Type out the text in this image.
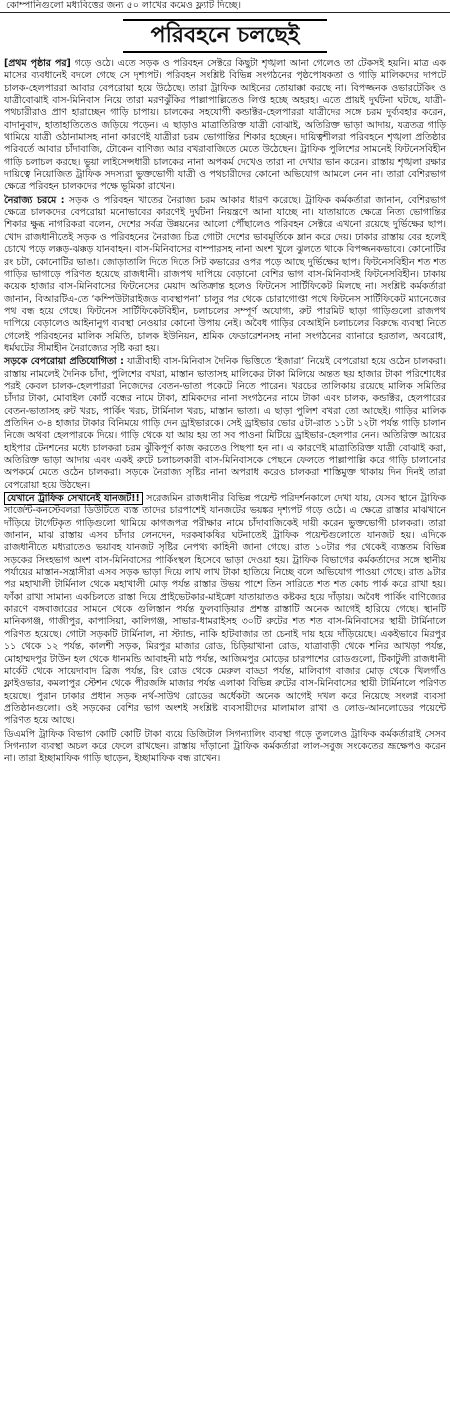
কোম্পানিগুলো মধ্যবিত্তের জন্য ৫০ লাখের কমেও ফ্ল্যাট দিচ্ছে।
পরিবহনে চলছেই

[প্রথম পৃষ্ঠার পর] গড়ে ওঠে। এতে সড়ক ও পরিবহন সেক্টরে কিছুটা শৃঙ্খলা আনা গেলেও তা টেকসই হয়নি। মাত্র এক মাসের ব্যবধানেই বদলে গেছে সে দৃশ্যপট। পরিবহন সংশ্লিষ্ট বিভিন্ন সংগঠনের পৃষ্ঠপোষকতা ও গাড়ি মালিকদের দাপটে চালক-হেলপাররা আবার বেপরোয়া হয়ে উঠেছে। তারা ট্রাফিক আইনের তোয়াক্কা করছে না। বিপজ্জনক ওভারটেকিং ও যাত্রীবোঝাই বাস-মিনিবাস নিয়ে তারা মরণঝুঁকির পাল্লাপাল্লিতেও লিপ্ত হচ্ছে অহরহ। এতে প্রায়ই দুর্ঘটনা ঘটছে, যাত্রী-পথচারীরাও প্রাণ হারাচ্ছেন গাড়ি চাপায়। চালকের সহযোগী কন্ডাক্টর-হেলপাররা যাত্রীদের সঙ্গে চরম দুর্ব্যবহার করেন, বাদানুবাদ, হাতাহাতিতেও জড়িয়ে পড়েন। এ ছাড়াও মাত্রাতিরিক্ত যাত্রী বোঝাই, অতিরিক্ত ভাড়া আদায়, যত্রতত্র গাড়ি থামিয়ে যাত্রী ওঠানামাসহ নানা কারণেই যাত্রীরা চরম ভোগান্তির শিকার হচ্ছেন। দায়িত্বশীলরা পরিবহনে শৃঙ্খলা প্রতিষ্ঠার পরিবর্তে আবার চাঁদাবাজি, টোকেন বাণিজ্য আর বখরাবাজিতে মেতে উঠেছেন। ট্রাফিক পুলিশের সামনেই ফিটনেসবিহীন গাড়ি চলাচল করছে। ভুয়া লাইসেন্সধারী চালকের নানা অপকর্ম দেখেও তারা না দেখার ভান করেন। রাস্তায় শৃঙ্খলা রক্ষার দায়িত্বে নিয়োজিত ট্রাফিক সদস্যরা ভুক্তভোগী যাত্রী ও পথচারীদের কোনো অভিযোগ আমলে নেন না। তারা বেশিরভাগ ক্ষেত্রে পরিবহন চালকদের পক্ষে ভূমিকা রাখেন।

নৈরাজ্য চরমে : সড়ক ও পরিবহন খাতের নৈরাজ্য চরম আকার ধারণ করেছে। ট্রাফিক কর্মকর্তারা জানান, বেশিরভাগ ক্ষেত্রে চালকদের বেপরোয়া মনোভাবের কারণেই দুর্ঘটনা নিয়ন্ত্রণে আনা যাচ্ছে না। যাতায়াতে ক্ষেত্রে নিত্য ভোগান্তির শিকার ক্ষুব্ধ নাগরিকরা বলেন, দেশের সর্বত্র উন্নয়নের আলো পৌঁছালেও পরিবহন সেক্টরে এখনো রয়েছে দুর্ভিক্ষের ছাপ। খোদ রাজধানীতেই সড়ক ও পরিবহনের নৈরাজ্য চিত্র গোটা দেশের ভাবমূর্তিকে ম্লান করে দেয়। ঢাকার রাস্তায় বের হলেই চোখে পড়ে লক্কড়-ঝক্কড় যানবাহন। বাস-মিনিবাসের বাম্পারসহ নানা অংশ খুলে ঝুলতে থাকে বিপজ্জনকভাবে। কোনোটির রং চটা, কোনোটির ভাঙা। জোড়াতালি দিতে দিতে সিট কভারের ওপর পড়ে আছে দুর্ভিক্ষের ছাপ। ফিটনেসবিহীন শত শত গাড়ির ভাগাড়ে পরিণত হয়েছে রাজধানী। রাজপথ দাপিয়ে বেড়ানো বেশির ভাগ বাস-মিনিবাসই ফিটনেসবিহীন। ঢাকায় কয়েক হাজার বাস-মিনিবাসের ফিটনেসের মেয়াদ অতিক্রান্ত হলেও ফিটনেস সার্টিফিকেট মিলছে না। সংশ্লিষ্ট কর্মকর্তারা জানান, বিআরটিএ-তে ‘কম্পিউটারাইজড ব্যবস্থাপনা’ চালুর পর থেকে চোরাগোপ্তা পথে ফিটনেস সার্টিফিকেট ম্যানেজের পথ বন্ধ হয়ে গেছে। ফিটনেস সার্টিফিকেটবিহীন, চলাচলের সম্পূর্ণ অযোগ্য, রুট পারমিট ছাড়া গাড়িগুলো রাজপথ দাপিয়ে বেড়ালেও আইনানুগ ব্যবস্থা নেওয়ার কোনো উপায় নেই। অবৈধ গাড়ির বেআইনি চলাচলের বিরুদ্ধে ব্যবস্থা নিতে গেলেই পরিবহনের মালিক সমিতি, চালক ইউনিয়ন, শ্রমিক ফেডারেশনসহ নানা সংগঠনের ব্যানারে হরতাল, অবরোধ, ধর্মঘটের সীমাহীন নৈরাজ্যের সৃষ্টি করা হয়।

সড়কে বেপরোয়া প্রতিযোগিতা : যাত্রীবাহী বাস-মিনিবাস দৈনিক ভিত্তিতে ‘ইজারা’ নিয়েই বেপরোয়া হয়ে ওঠেন চালকরা। রাস্তায় নামলেই দৈনিক চাঁদা, পুলিশের বখরা, মাস্তান ভাতাসহ মালিকের টাকা মিলিয়ে অন্তত ছয় হাজার টাকা পরিশোধের পরই কেবল চালক-হেলপাররা নিজেদের বেতন-ভাতা পকেটে নিতে পারেন। খরচের তালিকায় রয়েছে মালিক সমিতির চাঁদার টাকা, মোবাইল কোর্ট বন্ধের নামে টাকা, শ্রমিকদের নানা সংগঠনের নামে টাকা এবং চালক, কন্ডাক্টর, হেলপারের বেতন-ভাতাসহ রুট খরচ, পার্কিং খরচ, টার্মিনাল খরচ, মাস্তান ভাতা। এ ছাড়া পুলিশ বখরা তো আছেই। গাড়ির মালিক প্রতিদিন ৩-৪ হাজার টাকার বিনিময়ে গাড়ি দেন ড্রাইভারকে। সেই ড্রাইভার ভোর ৫টা-রাত ১১টা ১২টা পর্যন্ত গাড়ি চালান নিজে অথবা হেলপারকে দিয়ে। গাড়ি থেকে যা আয় হয় তা সব পাওনা মিটিয়ে ড্রাইভার-হেলপার নেন। অতিরিক্ত আয়ের হাইপার টেনশনের মধ্যে চালকরা চরম ঝুঁকিপূর্ণ কাজ করতেও পিছপা হন না। এ কারণেই মাত্রাতিরিক্ত যাত্রী বোঝাই করা, অতিরিক্ত ভাড়া আদায় এবং একই রুটে চলাচলকারী বাস-মিনিবাসকে পেছনে ফেলতে পাল্লাপাল্লি করে গাড়ি চালানোর অপকর্মে মেতে ওঠেন চালকরা। সড়কে নৈরাজ্য সৃষ্টির নানা অপরাধ করেও চালকরা শাস্তিমুক্ত থাকায় দিন দিনই তারা বেপরোয়া হয়ে উঠছেন।

যেখানে ট্রাফিক সেখানেই যানজট!! সরেজমিন রাজধানীর বিভিন্ন পয়েন্ট পরিদর্শনকালে দেখা যায়, যেসব স্থানে ট্রাফিক সার্জেন্ট-কনস্টেবলরা ডিউটিতে ব্যস্ত তাদের চারপাশেই যানজটের ভয়ঙ্কর দৃশ্যপট গড়ে ওঠে। এ ক্ষেত্রে রাস্তার মাঝখানে দাঁড়িয়ে টার্গেটকৃত গাড়িগুলো থামিয়ে কাগজপত্র পরীক্ষার নামে চাঁদাবাজিকেই দায়ী করেন ভুক্তভোগী চালকরা। তারা জানান, মাঝ রাস্তায় এসব চাঁদার লেনদেন, দরকষাকষির ঘটনাতেই ট্রাফিক পয়েন্টগুলোতে যানজট হয়। এদিকে রাজধানীতে মধ্যরাতেও ভয়াবহ যানজট সৃষ্টির নেপথ্য কাহিনী জানা গেছে। রাত ১০টার পর থেকেই ব্যস্ততম বিভিন্ন সড়কের সিংহভাগ অংশ বাস-মিনিবাসের পার্কিংস্থল হিসেবে ভাড়া দেওয়া হয়। ট্রাফিক বিভাগের কর্মকর্তাদের সঙ্গে স্থানীয় পর্যায়ের মাস্তান-সন্ত্রাসীরা এসব সড়ক ভাড়া দিয়ে লাখ লাখ টাকা হাতিয়ে নিচ্ছে বলে অভিযোগ পাওয়া গেছে। রাত ৯টার পর মহাখালী টার্মিনাল থেকে মহাখালী মোড় পর্যন্ত রাস্তার উভয় পাশে তিন সারিতে শত শত কোচ পার্ক করে রাখা হয়। ফাঁকা রাখা সামান্য একচিলতে রাস্তা দিয়ে প্রাইভেটকার-মাইক্রো যাতায়াতও কষ্টকর হয়ে দাঁড়ায়। অবৈধ পার্কিং বাণিজ্যের কারণে বঙ্গবাজারের সামনে থেকে গুলিস্তান পর্যন্ত ফুলবাড়িয়ার প্রশস্ত রাস্তাটি অনেক আগেই হারিয়ে গেছে। স্থানটি মানিকগঞ্জ, গাজীপুর, কাপাসিয়া, কালিগঞ্জ, সাভার-ধামরাইসহ ৩০টি রুটের শত শত বাস-মিনিবাসের স্থায়ী টার্মিনালে পরিণত হয়েছে। গোটা সড়কটি টার্মিনাল, না স্ট্যান্ড, নাকি হাটবাজার তা চেনাই দায় হয়ে দাঁড়িয়েছে। একইভাবে মিরপুর ১১ থেকে ১২ পর্যন্ত, কালশী সড়ক, মিরপুর মাজার রোড, চিড়িয়াখানা রোড, যাত্রাবাড়ী থেকে শনির আখড়া পর্যন্ত, মোহাম্মদপুর টাউন হল থেকে ধানমন্ডি আবাহনী মাঠ পর্যন্ত, আজিমপুর মোড়ের চারপাশের রোডগুলো, টিকাটুলী রাজধানী মার্কেট থেকে সায়েদাবাদ ব্রিজ পর্যন্ত, রিং রোড থেকে মেরুল বাড্ডা পর্যন্ত, মালিবাগ বাজার মোড় থেকে খিলগাঁও ফ্লাইওভার, কমলাপুর স্টেশন থেকে পীরজঙ্গি মাজার পর্যন্ত এলাকা বিভিন্ন রুটের বাস-মিনিবাসের স্থায়ী টার্মিনালে পরিণত হয়েছে। পুরান ঢাকার প্রধান সড়ক নর্থ-সাউথ রোডের অর্ধেকটা অনেক আগেই দখল করে নিয়েছে সংলগ্ন ব্যবসা প্রতিষ্ঠানগুলো। ওই সড়কের বেশির ভাগ অংশই সংশ্লিষ্ট ব্যবসায়ীদের মালামাল রাখা ও লোড-আনলোডের পয়েন্টে পরিণত হয়ে আছে।

ডিএমপি ট্রাফিক বিভাগ কোটি কোটি টাকা ব্যয়ে ডিজিটাল সিগন্যালিং ব্যবস্থা গড়ে তুললেও ট্রাফিক কর্মকর্তারাই সেসব সিগন্যাল ব্যবস্থা অচল করে ফেলে রাখছেন। রাস্তায় দাঁড়ানো ট্রাফিক কর্মকর্তারা লাল-সবুজ সংকেতের ভ্রূক্ষেপও করেন না। তারা ইচ্ছামাফিক গাড়ি ছাড়েন, ইচ্ছামাফিক বন্ধ রাখেন।
